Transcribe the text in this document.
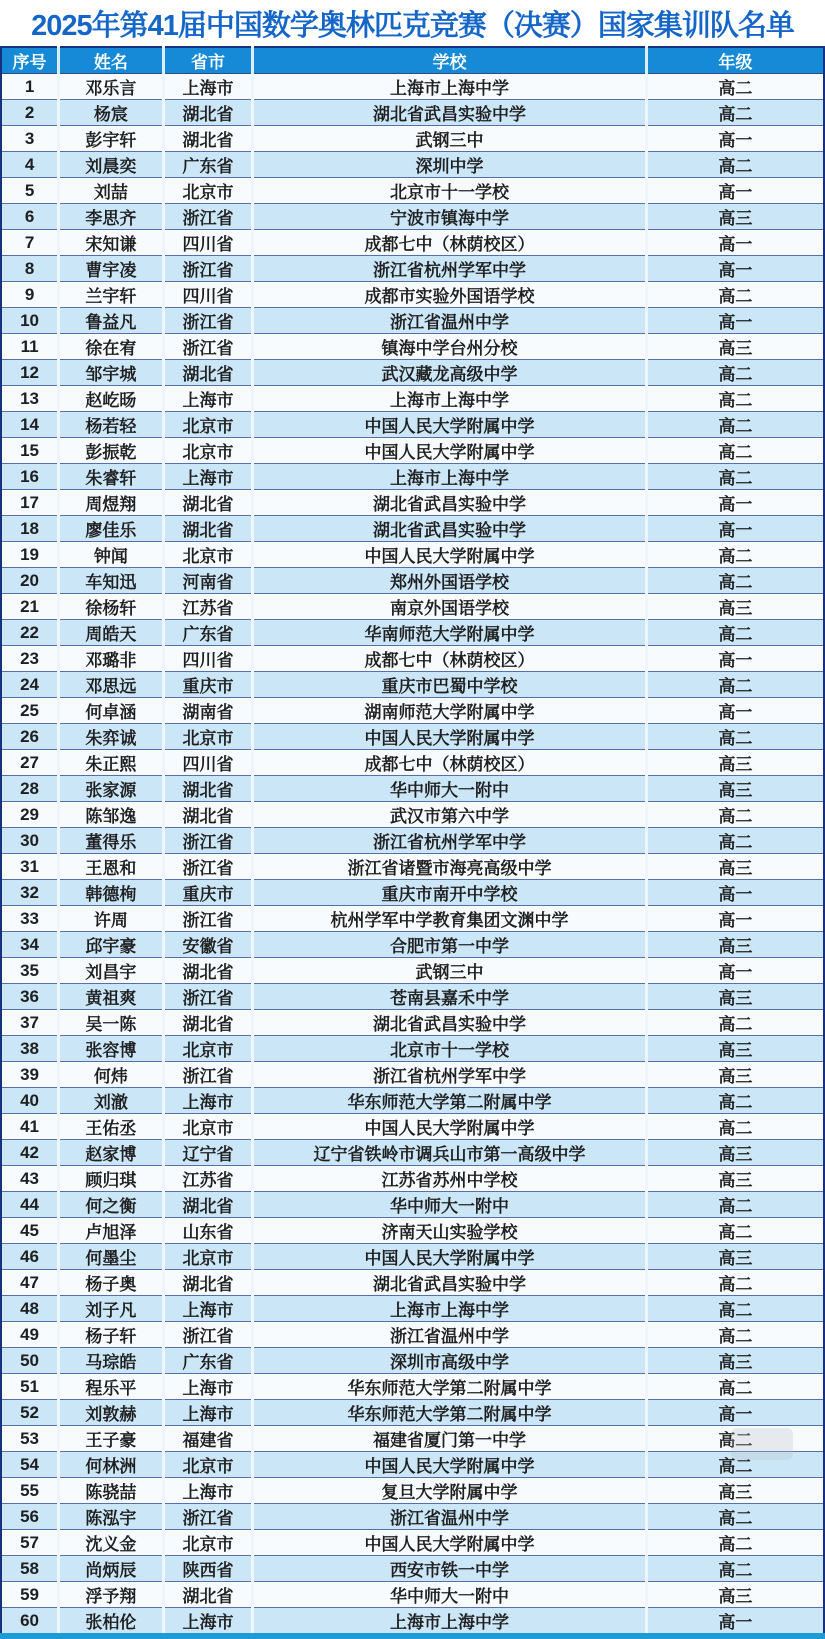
2025年第41届中国数学奥林匹克竞赛（决赛）国家集训队名单
序号	姓名	省市	学校	年级
1	邓乐言	上海市	上海市上海中学	高二
2	杨宸	湖北省	湖北省武昌实验中学	高二
3	彭宇轩	湖北省	武钢三中	高一
4	刘晨奕	广东省	深圳中学	高二
5	刘喆	北京市	北京市十一学校	高一
6	李思齐	浙江省	宁波市镇海中学	高三
7	宋知谦	四川省	成都七中（林荫校区）	高一
8	曹宇凌	浙江省	浙江省杭州学军中学	高一
9	兰宇轩	四川省	成都市实验外国语学校	高二
10	鲁益凡	浙江省	浙江省温州中学	高一
11	徐在宥	浙江省	镇海中学台州分校	高三
12	邹宇城	湖北省	武汉藏龙高级中学	高二
13	赵屹旸	上海市	上海市上海中学	高二
14	杨若轻	北京市	中国人民大学附属中学	高二
15	彭振乾	北京市	中国人民大学附属中学	高二
16	朱睿轩	上海市	上海市上海中学	高二
17	周煜翔	湖北省	湖北省武昌实验中学	高一
18	廖佳乐	湖北省	湖北省武昌实验中学	高一
19	钟闻	北京市	中国人民大学附属中学	高二
20	车知迅	河南省	郑州外国语学校	高二
21	徐杨轩	江苏省	南京外国语学校	高三
22	周皓天	广东省	华南师范大学附属中学	高二
23	邓璐非	四川省	成都七中（林荫校区）	高一
24	邓思远	重庆市	重庆市巴蜀中学校	高二
25	何卓涵	湖南省	湖南师范大学附属中学	高一
26	朱弈诚	北京市	中国人民大学附属中学	高二
27	朱正熙	四川省	成都七中（林荫校区）	高三
28	张家源	湖北省	华中师大一附中	高三
29	陈邹逸	湖北省	武汉市第六中学	高二
30	董得乐	浙江省	浙江省杭州学军中学	高二
31	王恩和	浙江省	浙江省诸暨市海亮高级中学	高三
32	韩德栒	重庆市	重庆市南开中学校	高一
33	许周	浙江省	杭州学军中学教育集团文渊中学	高一
34	邱宇豪	安徽省	合肥市第一中学	高三
35	刘昌宇	湖北省	武钢三中	高一
36	黄祖爽	浙江省	苍南县嘉禾中学	高三
37	吴一陈	湖北省	湖北省武昌实验中学	高二
38	张容博	北京市	北京市十一学校	高三
39	何炜	浙江省	浙江省杭州学军中学	高三
40	刘澈	上海市	华东师范大学第二附属中学	高二
41	王佑丞	北京市	中国人民大学附属中学	高二
42	赵家博	辽宁省	辽宁省铁岭市调兵山市第一高级中学	高三
43	顾归琪	江苏省	江苏省苏州中学校	高三
44	何之衡	湖北省	华中师大一附中	高二
45	卢旭泽	山东省	济南天山实验学校	高二
46	何墨尘	北京市	中国人民大学附属中学	高三
47	杨子奥	湖北省	湖北省武昌实验中学	高二
48	刘子凡	上海市	上海市上海中学	高二
49	杨子轩	浙江省	浙江省温州中学	高二
50	马琮皓	广东省	深圳市高级中学	高三
51	程乐平	上海市	华东师范大学第二附属中学	高二
52	刘敦赫	上海市	华东师范大学第二附属中学	高一
53	王子豪	福建省	福建省厦门第一中学	高二
54	何林洲	北京市	中国人民大学附属中学	高二
55	陈骁喆	上海市	复旦大学附属中学	高三
56	陈泓宇	浙江省	浙江省温州中学	高二
57	沈义金	北京市	中国人民大学附属中学	高二
58	尚炳辰	陕西省	西安市铁一中学	高二
59	浮予翔	湖北省	华中师大一附中	高三
60	张柏伦	上海市	上海市上海中学	高一
